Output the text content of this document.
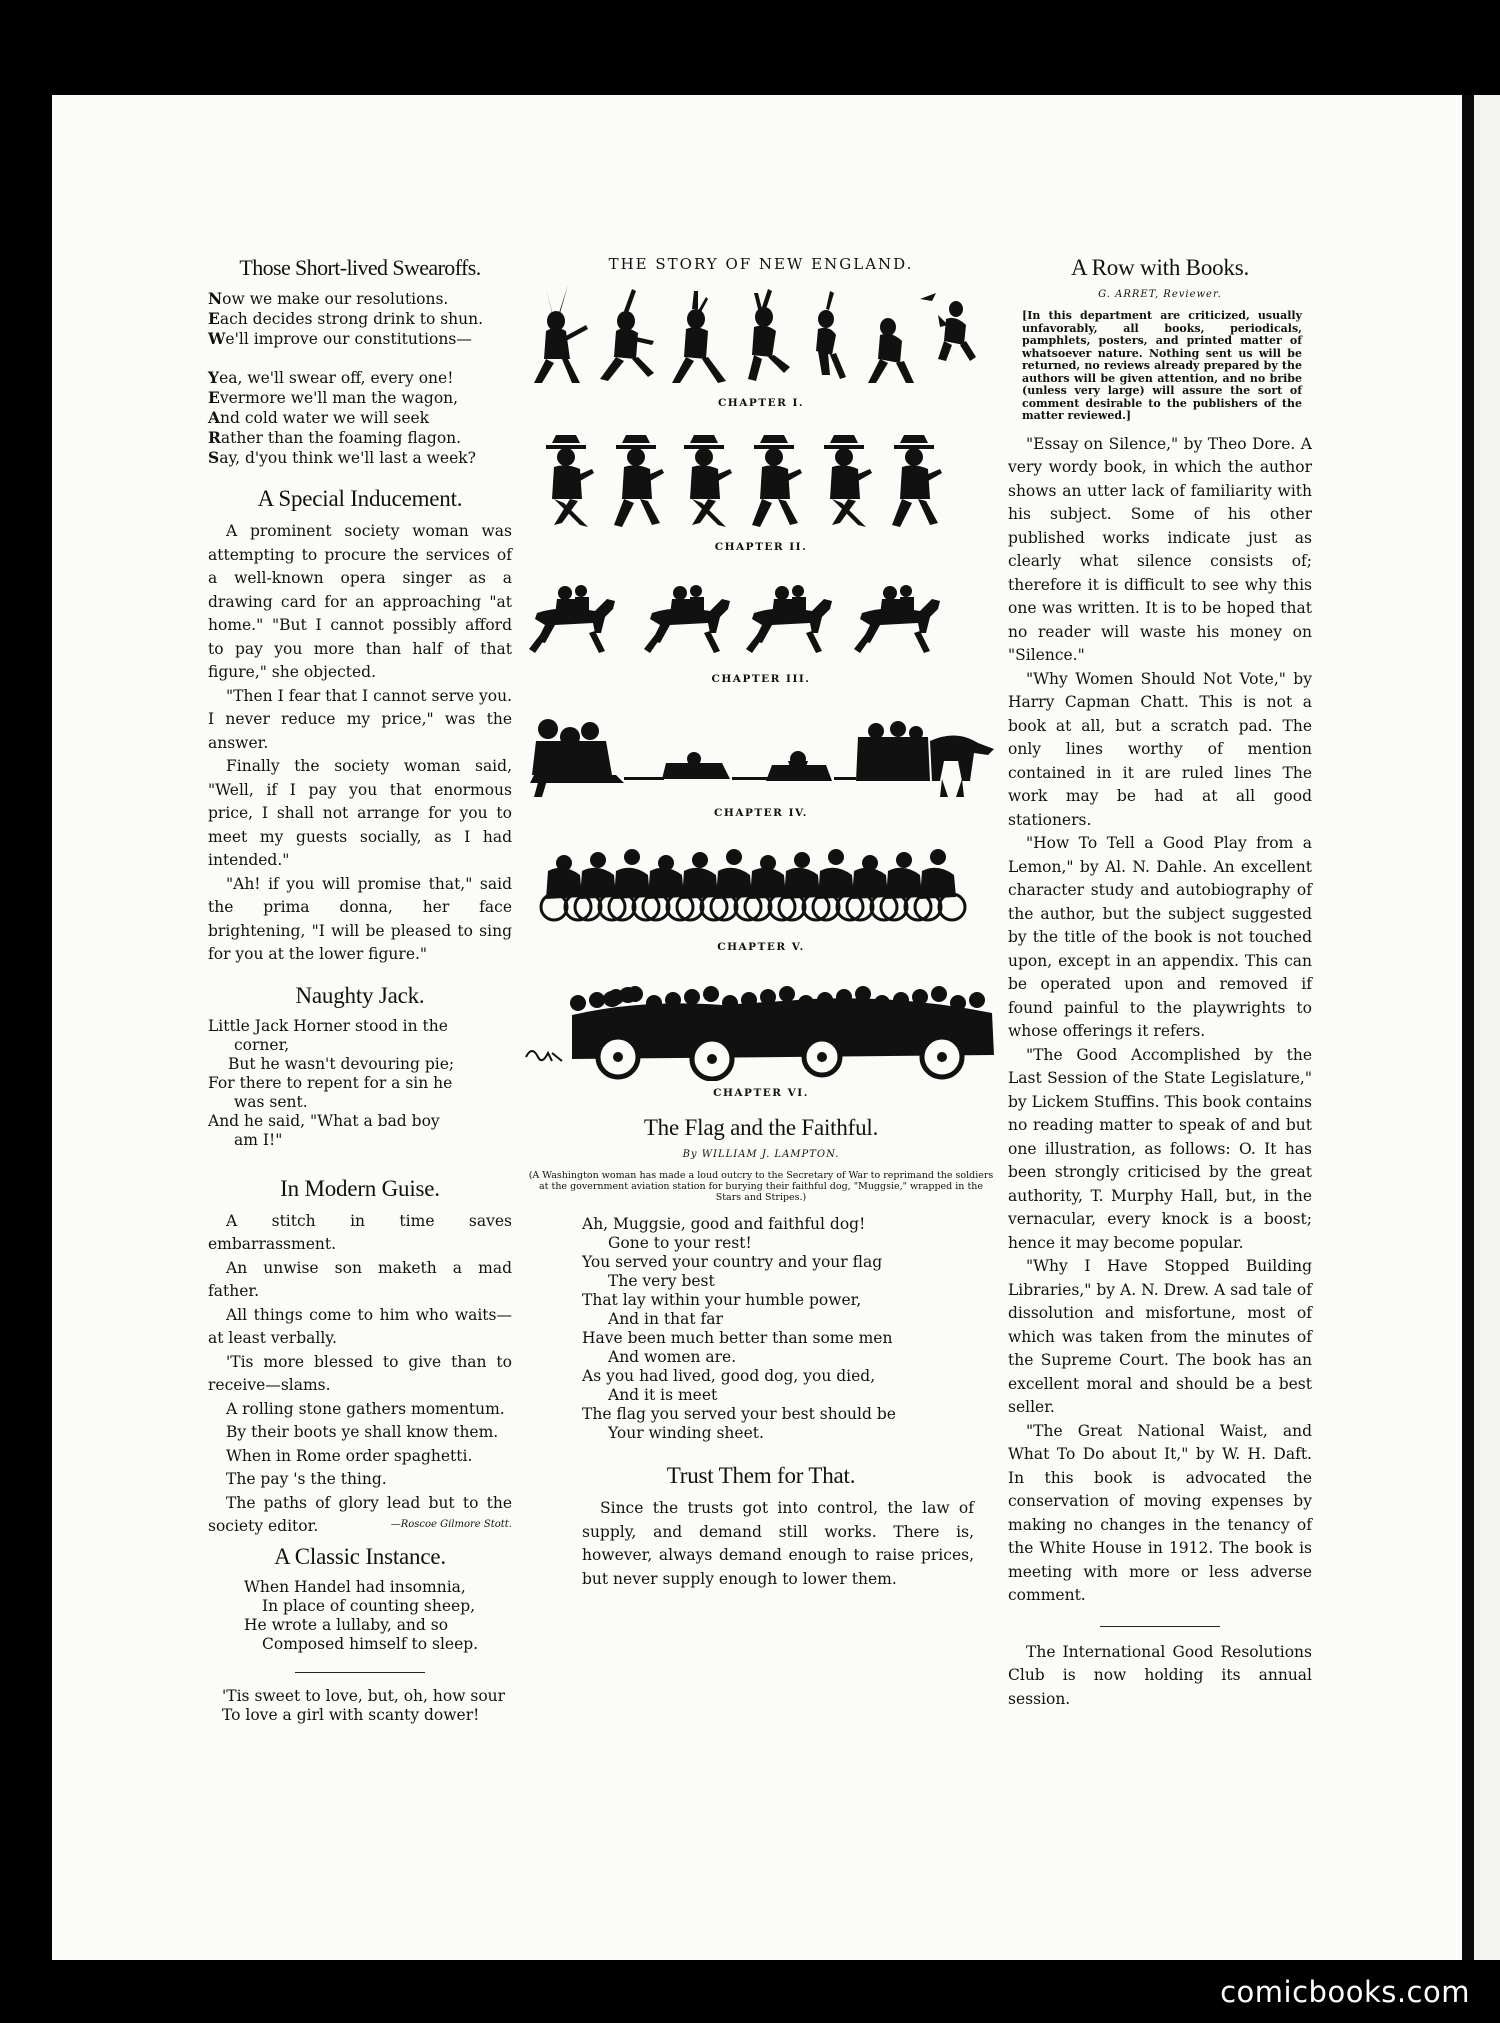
Those Short-lived Swearoffs.
Now we make our resolutions.
Each decides strong drink to shun.
We'll improve our constitutions—

Yea, we'll swear off, every one!
Evermore we'll man the wagon,
And cold water we will seek
Rather than the foaming flagon.
Say, d'you think we'll last a week?
A Special Inducement.

A prominent society woman was attempting to procure the services of a well-known opera singer as a drawing card for an approaching "at home." "But I cannot possibly afford to pay you more than half of that figure," she objected.

"Then I fear that I cannot serve you. I never reduce my price," was the answer.

Finally the society woman said, "Well, if I pay you that enormous price, I shall not arrange for you to meet my guests socially, as I had intended."

"Ah! if you will promise that," said the prima donna, her face brightening, "I will be pleased to sing for you at the lower figure."

Naughty Jack.
Little Jack Horner stood in the
corner,
But he wasn't devouring pie;
For there to repent for a sin he
was sent.
And he said, "What a bad boy
am I!"
In Modern Guise.

A stitch in time saves embarrassment.

An unwise son maketh a mad father.

All things come to him who waits—at least verbally.

'Tis more blessed to give than to receive—slams.

A rolling stone gathers momentum.

By their boots ye shall know them.

When in Rome order spaghetti.

The pay 's the thing.

The paths of glory lead but to the society editor.	—Roscoe Gilmore Stott.
A Classic Instance.
When Handel had insomnia,
In place of counting sheep,
He wrote a lullaby, and so
Composed himself to sleep.
'Tis sweet to love, but, oh, how sour
To love a girl with scanty dower!
THE STORY OF NEW ENGLAND.
CHAPTER I.
CHAPTER II.
CHAPTER III.
CHAPTER IV.
CHAPTER V.
CHAPTER VI.
The Flag and the Faithful.
By WILLIAM J. LAMPTON.
(A Washington woman has made a loud outcry to the Secretary of War to reprimand the soldiers at the government aviation station for burying their faithful dog, "Muggsie," wrapped in the Stars and Stripes.)
Ah, Muggsie, good and faithful dog!
Gone to your rest!
You served your country and your flag
The very best
That lay within your humble power,
And in that far
Have been much better than some men
And women are.
As you had lived, good dog, you died,
And it is meet
The flag you served your best should be
Your winding sheet.
Trust Them for That.

Since the trusts got into control, the law of supply, and demand still works. There is, however, always demand enough to raise prices, but never supply enough to lower them.

A Row with Books.
G. ARRET, Reviewer.

[In this department are criticized, usually unfavorably, all books, periodicals, pamphlets, posters, and printed matter of whatsoever nature. Nothing sent us will be returned, no reviews already prepared by the authors will be given attention, and no bribe (unless very large) will assure the sort of comment desirable to the publishers of the matter reviewed.]

"Essay on Silence," by Theo Dore. A very wordy book, in which the author shows an utter lack of familiarity with his subject. Some of his other published works indicate just as clearly what silence consists of; therefore it is difficult to see why this one was written. It is to be hoped that no reader will waste his money on "Silence."

"Why Women Should Not Vote," by Harry Capman Chatt. This is not a book at all, but a scratch pad. The only lines worthy of mention contained in it are ruled lines The work may be had at all good stationers.

"How To Tell a Good Play from a Lemon," by Al. N. Dahle. An excellent character study and autobiography of the author, but the subject suggested by the title of the book is not touched upon, except in an appendix. This can be operated upon and removed if found painful to the playwrights to whose offerings it refers.

"The Good Accomplished by the Last Session of the State Legislature," by Lickem Stuffins. This book contains no reading matter to speak of and but one illustration, as follows: O. It has been strongly criticised by the great authority, T. Murphy Hall, but, in the vernacular, every knock is a boost; hence it may become popular.

"Why I Have Stopped Building Libraries," by A. N. Drew. A sad tale of dissolution and misfortune, most of which was taken from the minutes of the Supreme Court. The book has an excellent moral and should be a best seller.

"The Great National Waist, and What To Do about It," by W. H. Daft. In this book is advocated the conservation of moving expenses by making no changes in the tenancy of the White House in 1912. The book is meeting with more or less adverse comment.

The International Good Resolutions Club is now holding its annual session.

comicbooks.com
